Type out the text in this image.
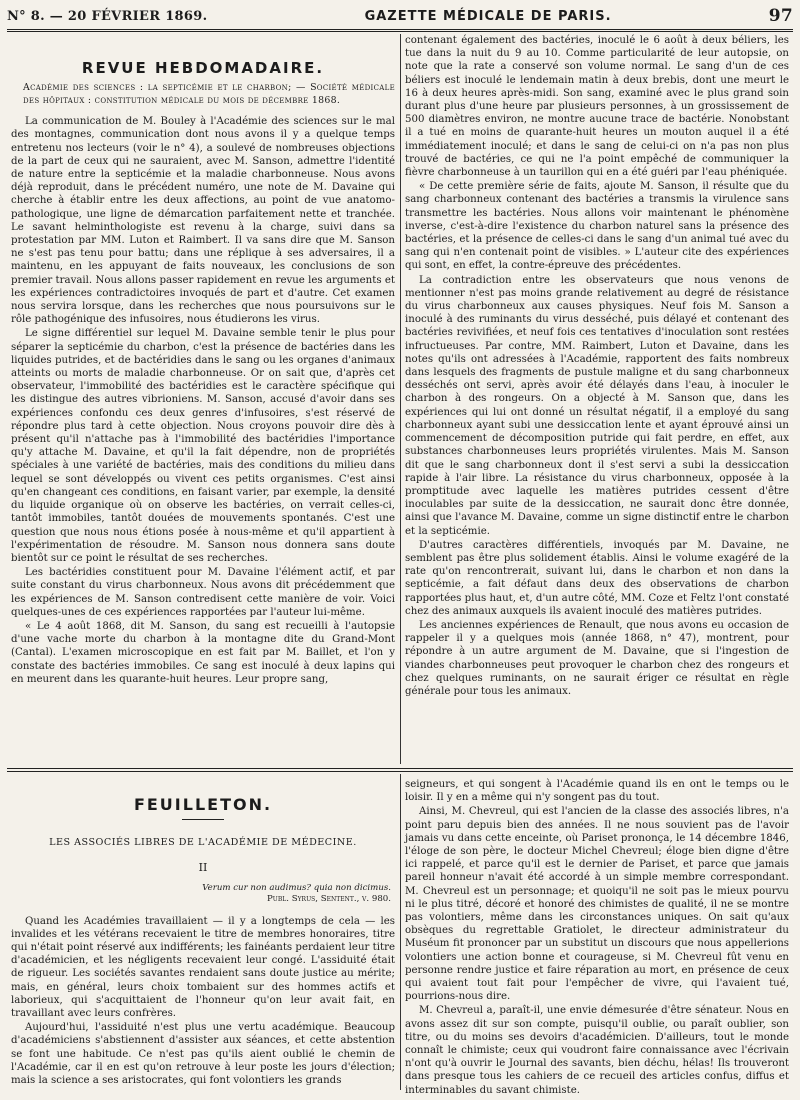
N° 8. — 20 FÉVRIER 1869.	GAZETTE MÉDICALE DE PARIS.	97
REVUE HEBDOMADAIRE.
Académie des sciences : la septicémie et le charbon; — Société médicale des hôpitaux : constitution médicale du mois de décembre 1868.

La communication de M. Bouley à l'Académie des sciences sur le mal des montagnes, communication dont nous avons il y a quelque temps entretenu nos lecteurs (voir le n° 4), a soulevé de nombreuses objections de la part de ceux qui ne sauraient, avec M. Sanson, admettre l'identité de nature entre la septicémie et la maladie charbonneuse. Nous avons déjà reproduit, dans le précédent numéro, une note de M. Davaine qui cherche à établir entre les deux affections, au point de vue anatomo-pathologique, une ligne de démarcation parfaitement nette et tranchée. Le savant helminthologiste est revenu à la charge, suivi dans sa protestation par MM. Luton et Raimbert. Il va sans dire que M. Sanson ne s'est pas tenu pour battu; dans une réplique à ses adversaires, il a maintenu, en les appuyant de faits nouveaux, les conclusions de son premier travail. Nous allons passer rapidement en revue les arguments et les expériences contradictoires invoqués de part et d'autre. Cet examen nous servira lorsque, dans les recherches que nous poursuivons sur le rôle pathogénique des infusoires, nous étudierons les virus.

Le signe différentiel sur lequel M. Davaine semble tenir le plus pour séparer la septicémie du charbon, c'est la présence de bactéries dans les liquides putrides, et de bactéridies dans le sang ou les organes d'animaux atteints ou morts de maladie charbonneuse. Or on sait que, d'après cet observateur, l'immobilité des bactéridies est le caractère spécifique qui les distingue des autres vibrioniens. M. Sanson, accusé d'avoir dans ses expériences confondu ces deux genres d'infusoires, s'est réservé de répondre plus tard à cette objection. Nous croyons pouvoir dire dès à présent qu'il n'attache pas à l'immobilité des bactéridies l'importance qu'y attache M. Davaine, et qu'il la fait dépendre, non de propriétés spéciales à une variété de bactéries, mais des conditions du milieu dans lequel se sont développés ou vivent ces petits organismes. C'est ainsi qu'en changeant ces conditions, en faisant varier, par exemple, la densité du liquide organique où on observe les bactéries, on verrait celles-ci, tantôt immobiles, tantôt douées de mouvements spontanés. C'est une question que nous nous étions posée à nous-même et qu'il appartient à l'expérimentation de résoudre. M. Sanson nous donnera sans doute bientôt sur ce point le résultat de ses recherches.

Les bactéridies constituent pour M. Davaine l'élément actif, et par suite constant du virus charbonneux. Nous avons dit précédemment que les expériences de M. Sanson contredisent cette manière de voir. Voici quelques-unes de ces expériences rapportées par l'auteur lui-même.

« Le 4 août 1868, dit M. Sanson, du sang est recueilli à l'autopsie d'une vache morte du charbon à la montagne dite du Grand-Mont (Cantal). L'examen microscopique en est fait par M. Baillet, et l'on y constate des bactéries immobiles. Ce sang est inoculé à deux lapins qui en meurent dans les quarante-huit heures. Leur propre sang,

contenant également des bactéries, inoculé le 6 août à deux béliers, les tue dans la nuit du 9 au 10. Comme particularité de leur autopsie, on note que la rate a conservé son volume normal. Le sang d'un de ces béliers est inoculé le lendemain matin à deux brebis, dont une meurt le 16 à deux heures après-midi. Son sang, examiné avec le plus grand soin durant plus d'une heure par plusieurs personnes, à un grossissement de 500 diamètres environ, ne montre aucune trace de bactérie. Nonobstant il a tué en moins de quarante-huit heures un mouton auquel il a été immédiatement inoculé; et dans le sang de celui-ci on n'a pas non plus trouvé de bactéries, ce qui ne l'a point empêché de communiquer la fièvre charbonneuse à un taurillon qui en a été guéri par l'eau phéniquée.

« De cette première série de faits, ajoute M. Sanson, il résulte que du sang charbonneux contenant des bactéries a transmis la virulence sans transmettre les bactéries. Nous allons voir maintenant le phénomène inverse, c'est-à-dire l'existence du charbon naturel sans la présence des bactéries, et la présence de celles-ci dans le sang d'un animal tué avec du sang qui n'en contenait point de visibles. » L'auteur cite des expériences qui sont, en effet, la contre-épreuve des précédentes.

La contradiction entre les observateurs que nous venons de mentionner n'est pas moins grande relativement au degré de résistance du virus charbonneux aux causes physiques. Neuf fois M. Sanson a inoculé à des ruminants du virus desséché, puis délayé et contenant des bactéries revivifiées, et neuf fois ces tentatives d'inoculation sont restées infructueuses. Par contre, MM. Raimbert, Luton et Davaine, dans les notes qu'ils ont adressées à l'Académie, rapportent des faits nombreux dans lesquels des fragments de pustule maligne et du sang charbonneux desséchés ont servi, après avoir été délayés dans l'eau, à inoculer le charbon à des rongeurs. On a objecté à M. Sanson que, dans les expériences qui lui ont donné un résultat négatif, il a employé du sang charbonneux ayant subi une dessiccation lente et ayant éprouvé ainsi un commencement de décomposition putride qui fait perdre, en effet, aux substances charbonneuses leurs propriétés virulentes. Mais M. Sanson dit que le sang charbonneux dont il s'est servi a subi la dessiccation rapide à l'air libre. La résistance du virus charbonneux, opposée à la promptitude avec laquelle les matières putrides cessent d'être inoculables par suite de la dessiccation, ne saurait donc être donnée, ainsi que l'avance M. Davaine, comme un signe distinctif entre le charbon et la septicémie.

D'autres caractères différentiels, invoqués par M. Davaine, ne semblent pas être plus solidement établis. Ainsi le volume exagéré de la rate qu'on rencontrerait, suivant lui, dans le charbon et non dans la septicémie, a fait défaut dans deux des observations de charbon rapportées plus haut, et, d'un autre côté, MM. Coze et Feltz l'ont constaté chez des animaux auxquels ils avaient inoculé des matières putrides.

Les anciennes expériences de Renault, que nous avons eu occasion de rappeler il y a quelques mois (année 1868, n° 47), montrent, pour répondre à un autre argument de M. Davaine, que si l'ingestion de viandes charbonneuses peut provoquer le charbon chez des rongeurs et chez quelques ruminants, on ne saurait ériger ce résultat en règle générale pour tous les animaux.

FEUILLETON.
LES ASSOCIÉS LIBRES DE L'ACADÉMIE DE MÉDECINE.
II
Verum cur non audimus? quia non dicimus.
Publ. Syrus, Sentent., v. 980.

Quand les Académies travaillaient — il y a longtemps de cela — les invalides et les vétérans recevaient le titre de membres honoraires, titre qui n'était point réservé aux indifférents; les fainéants perdaient leur titre d'académicien, et les négligents recevaient leur congé. L'assiduité était de rigueur. Les sociétés savantes rendaient sans doute justice au mérite; mais, en général, leurs choix tombaient sur des hommes actifs et laborieux, qui s'acquittaient de l'honneur qu'on leur avait fait, en travaillant avec leurs confrères.

Aujourd'hui, l'assiduité n'est plus une vertu académique. Beaucoup d'académiciens s'abstiennent d'assister aux séances, et cette abstention se font une habitude. Ce n'est pas qu'ils aient oublié le chemin de l'Académie, car il en est qu'on retrouve à leur poste les jours d'élection; mais la science a ses aristocrates, qui font volontiers les grands

seigneurs, et qui songent à l'Académie quand ils en ont le temps ou le loisir. Il y en a même qui n'y songent pas du tout.

Ainsi, M. Chevreul, qui est l'ancien de la classe des associés libres, n'a point paru depuis bien des années. Il ne nous souvient pas de l'avoir jamais vu dans cette enceinte, où Pariset prononça, le 14 décembre 1846, l'éloge de son père, le docteur Michel Chevreul; éloge bien digne d'être ici rappelé, et parce qu'il est le dernier de Pariset, et parce que jamais pareil honneur n'avait été accordé à un simple membre correspondant. M. Chevreul est un personnage; et quoiqu'il ne soit pas le mieux pourvu ni le plus titré, décoré et honoré des chimistes de qualité, il ne se montre pas volontiers, même dans les circonstances uniques. On sait qu'aux obsèques du regrettable Gratiolet, le directeur administrateur du Muséum fit prononcer par un substitut un discours que nous appellerions volontiers une action bonne et courageuse, si M. Chevreul fût venu en personne rendre justice et faire réparation au mort, en présence de ceux qui avaient tout fait pour l'empêcher de vivre, qui l'avaient tué, pourrions-nous dire.

M. Chevreul a, paraît-il, une envie démesurée d'être sénateur. Nous en avons assez dit sur son compte, puisqu'il oublie, ou paraît oublier, son titre, ou du moins ses devoirs d'académicien. D'ailleurs, tout le monde connaît le chimiste; ceux qui voudront faire connaissance avec l'écrivain n'ont qu'à ouvrir le Journal des savants, bien déchu, hélas! Ils trouveront dans presque tous les cahiers de ce recueil des articles confus, diffus et interminables du savant chimiste.
